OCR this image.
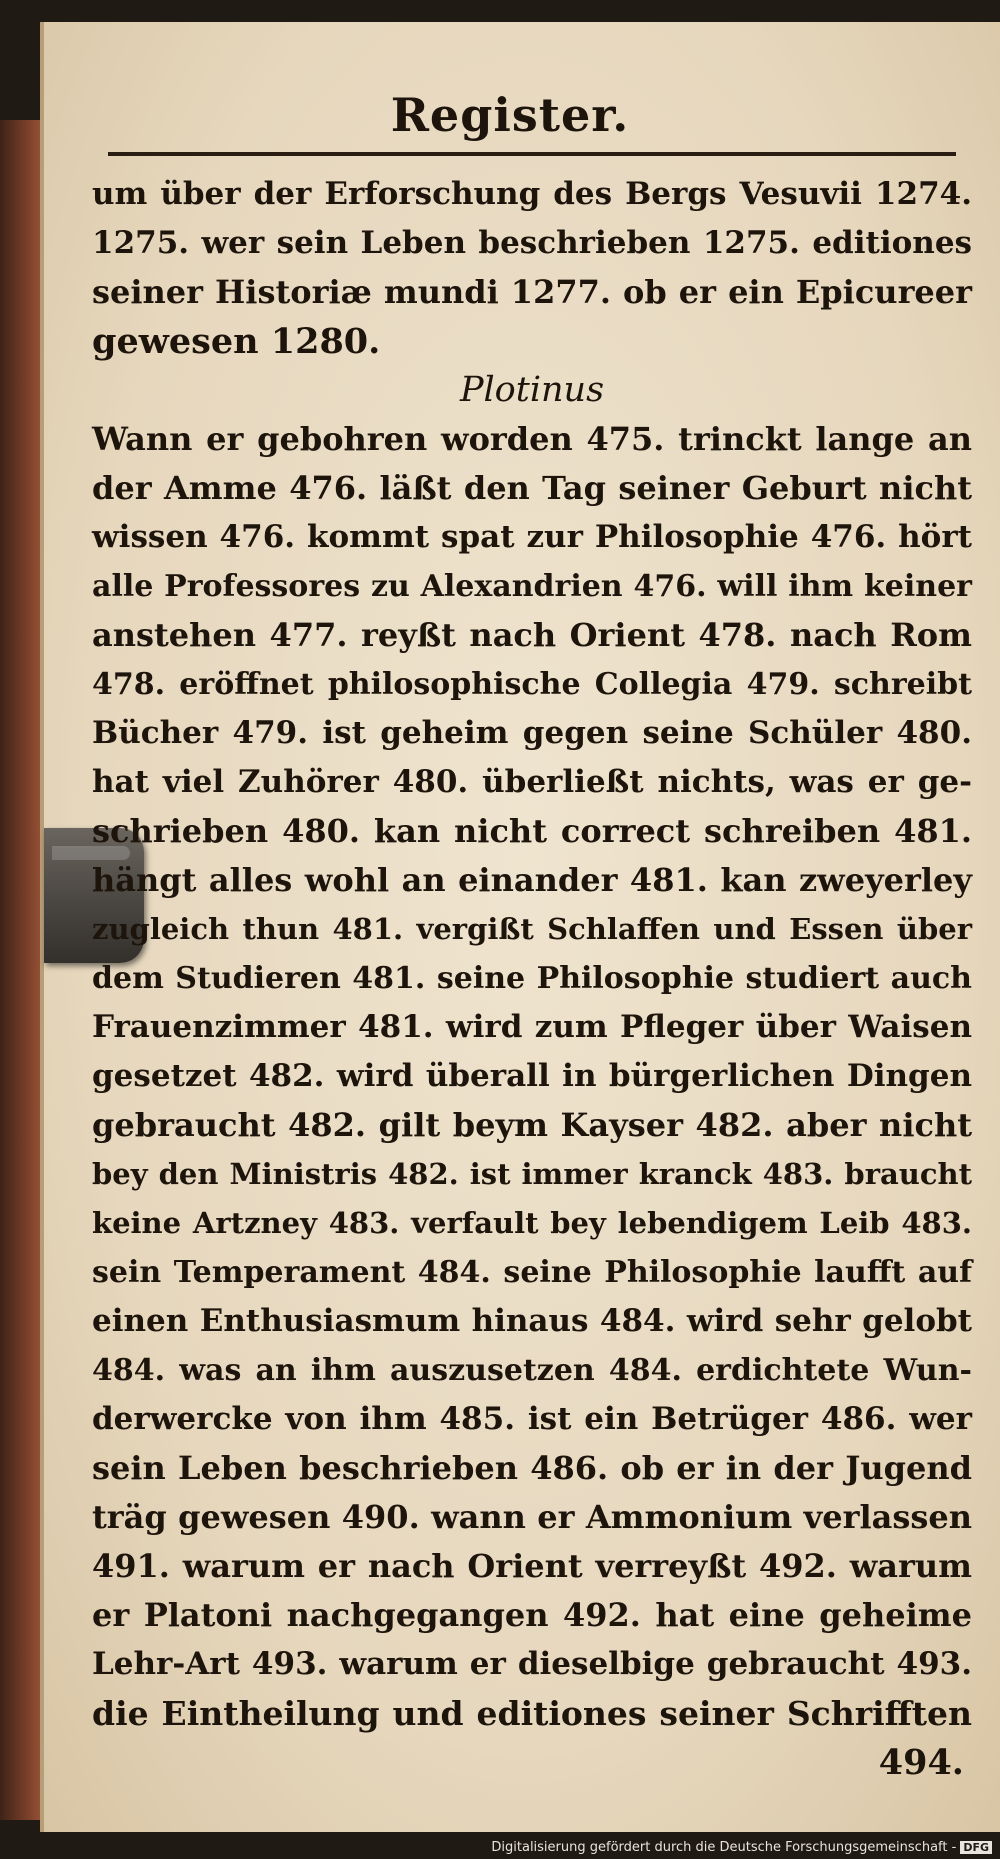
Register.
um über der Erforschung des Bergs Vesuvii 1274.
1275. wer sein Leben beschrieben 1275. editiones
seiner Historiæ mundi 1277. ob er ein Epicureer
gewesen 1280.
Plotinus
Wann er gebohren worden 475. trinckt lange an
der Amme 476. läßt den Tag seiner Geburt nicht
wissen 476. kommt spat zur Philosophie 476. hört
alle Professores zu Alexandrien 476. will ihm keiner
anstehen 477. reyßt nach Orient 478. nach Rom
478. eröffnet philosophische Collegia 479. schreibt
Bücher 479. ist geheim gegen seine Schüler 480.
hat viel Zuhörer 480. überließt nichts, was er ge-
schrieben 480. kan nicht correct schreiben 481.
hängt alles wohl an einander 481. kan zweyerley
zugleich thun 481. vergißt Schlaffen und Essen über
dem Studieren 481. seine Philosophie studiert auch
Frauenzimmer 481. wird zum Pfleger über Waisen
gesetzet 482. wird überall in bürgerlichen Dingen
gebraucht 482. gilt beym Kayser 482. aber nicht
bey den Ministris 482. ist immer kranck 483. braucht
keine Artzney 483. verfault bey lebendigem Leib 483.
sein Temperament 484. seine Philosophie laufft auf
einen Enthusiasmum hinaus 484. wird sehr gelobt
484. was an ihm auszusetzen 484. erdichtete Wun-
derwercke von ihm 485. ist ein Betrüger 486. wer
sein Leben beschrieben 486. ob er in der Jugend
träg gewesen 490. wann er Ammonium verlassen
491. warum er nach Orient verreyßt 492. warum
er Platoni nachgegangen 492. hat eine geheime
Lehr-Art 493. warum er dieselbige gebraucht 493.
die Eintheilung und editiones seiner Schrifften
494.
Digitalisierung gefördert durch die Deutsche Forschungsgemeinschaft - DFG
